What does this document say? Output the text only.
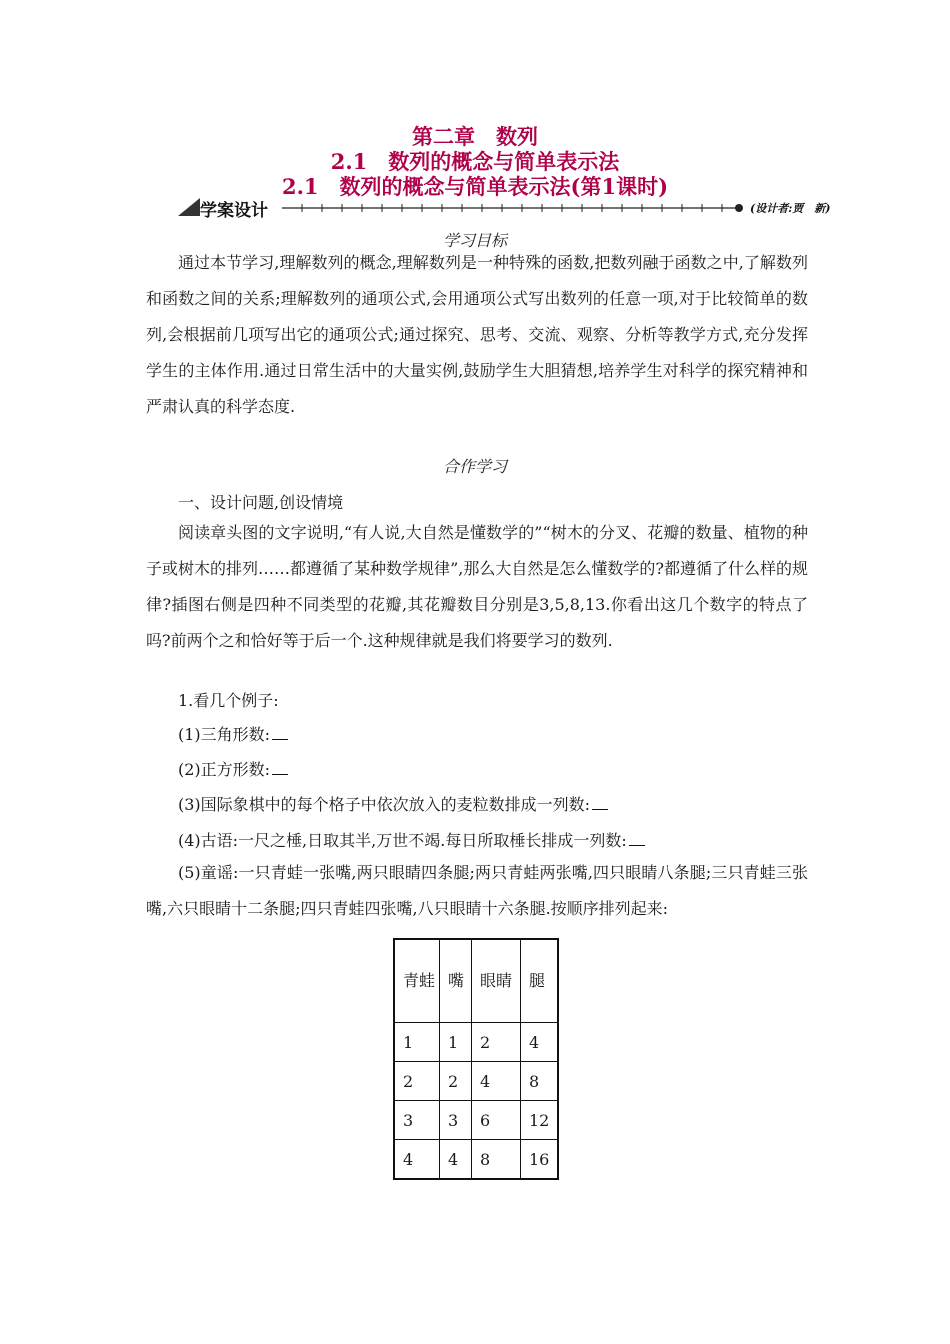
第二章　数列
2.1　数列的概念与简单表示法
2.1　数列的概念与简单表示法(第1课时)
学案设计	(设计者:贾　新)
学习目标
通过本节学习,理解数列的概念,理解数列是一种特殊的函数,把数列融于函数之中,了解数列和函数之间的关系;理解数列的通项公式,会用通项公式写出数列的任意一项,对于比较简单的数列,会根据前几项写出它的通项公式;通过探究、思考、交流、观察、分析等教学方式,充分发挥学生的主体作用.通过日常生活中的大量实例,鼓励学生大胆猜想,培养学生对科学的探究精神和严肃认真的科学态度.
合作学习
一、设计问题,创设情境
阅读章头图的文字说明,“有人说,大自然是懂数学的”“树木的分叉、花瓣的数量、植物的种子或树木的排列……都遵循了某种数学规律”,那么大自然是怎么懂数学的?都遵循了什么样的规律?插图右侧是四种不同类型的花瓣,其花瓣数目分别是3,5,8,13.你看出这几个数字的特点了吗?前两个之和恰好等于后一个.这种规律就是我们将要学习的数列.
1.看几个例子:
(1)三角形数:
(2)正方形数:
(3)国际象棋中的每个格子中依次放入的麦粒数排成一列数:
(4)古语:一尺之棰,日取其半,万世不竭.每日所取棰长排成一列数:
(5)童谣:一只青蛙一张嘴,两只眼睛四条腿;两只青蛙两张嘴,四只眼睛八条腿;三只青蛙三张嘴,六只眼睛十二条腿;四只青蛙四张嘴,八只眼睛十六条腿.按顺序排列起来:
青蛙	嘴	眼睛	腿
1	1	2	4
2	2	4	8
3	3	6	12
4	4	8	16
